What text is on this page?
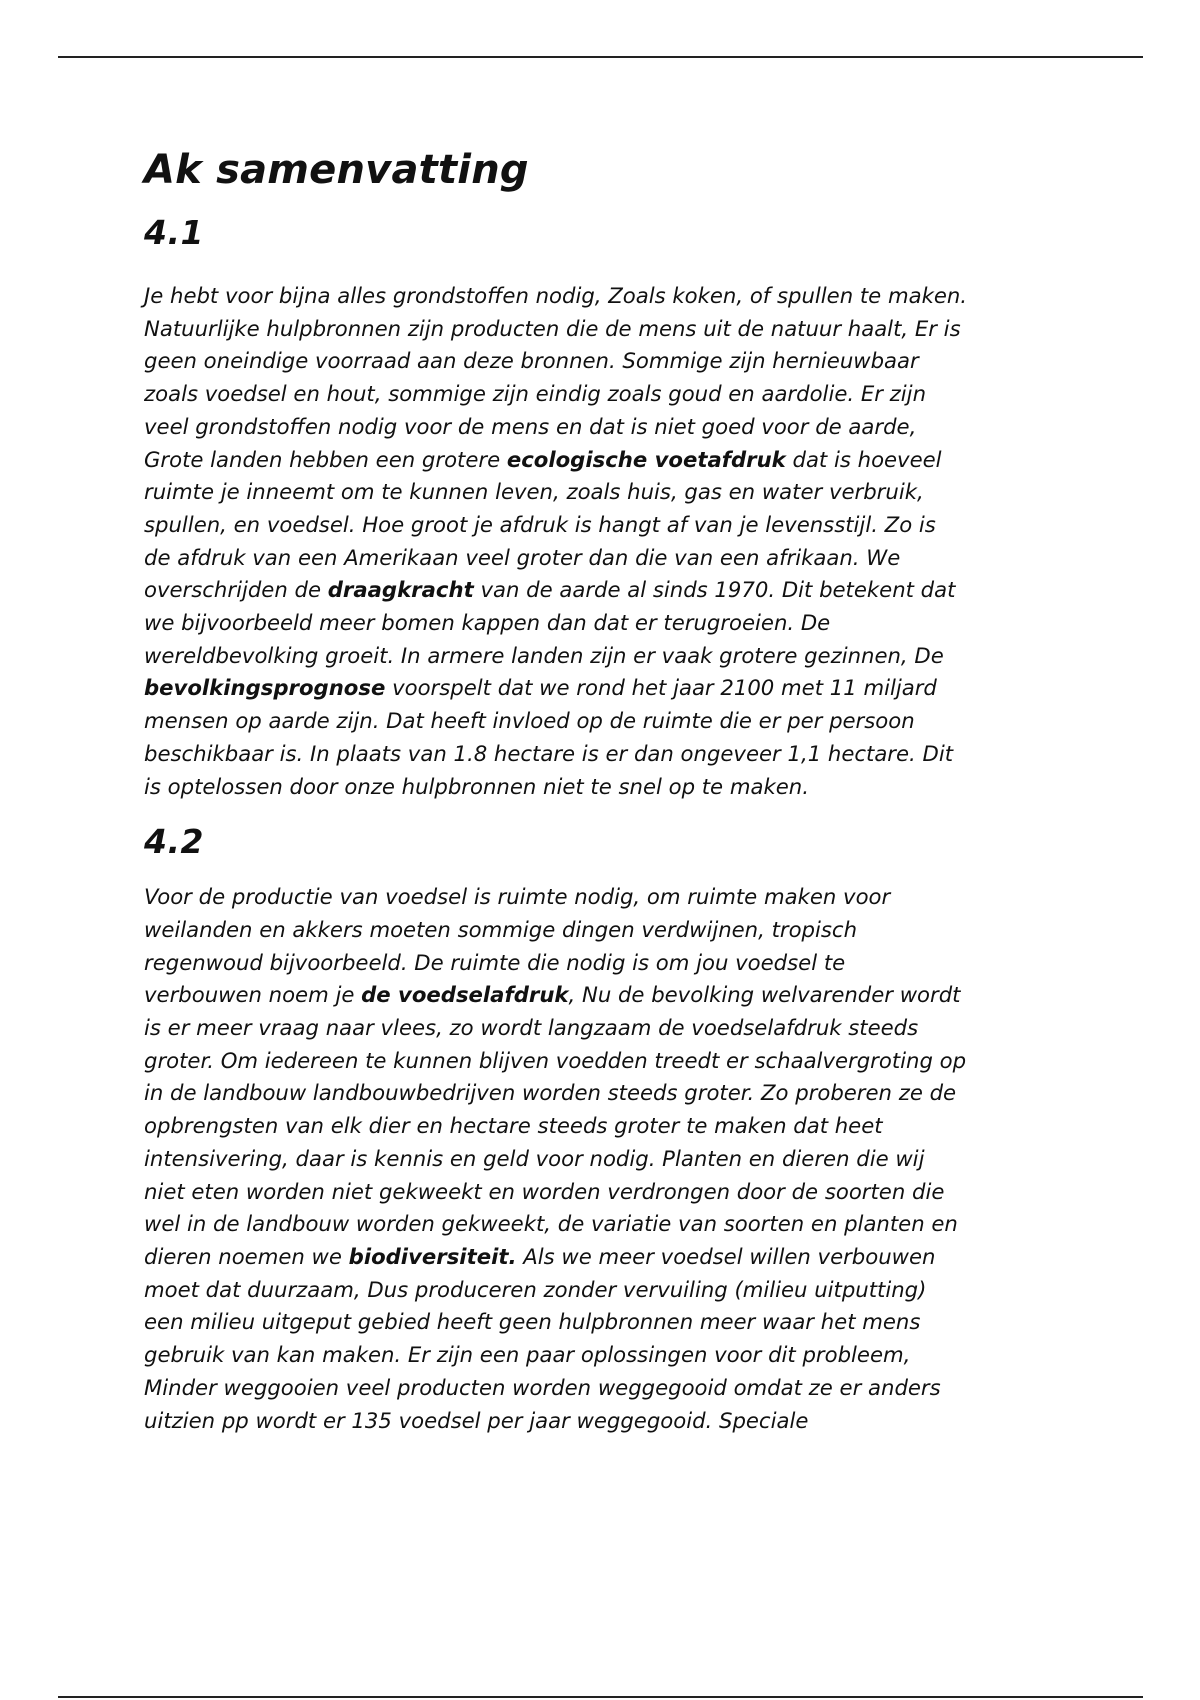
Ak samenvatting
4.1

Je hebt voor bijna alles grondstoffen nodig, Zoals koken, of spullen te maken.
Natuurlijke hulpbronnen zijn producten die de mens uit de natuur haalt, Er is
geen oneindige voorraad aan deze bronnen. Sommige zijn hernieuwbaar
zoals voedsel en hout, sommige zijn eindig zoals goud en aardolie. Er zijn
veel grondstoffen nodig voor de mens en dat is niet goed voor de aarde,
Grote landen hebben een grotere ecologische voetafdruk dat is hoeveel
ruimte je inneemt om te kunnen leven, zoals huis, gas en water verbruik,
spullen, en voedsel. Hoe groot je afdruk is hangt af van je levensstijl. Zo is
de afdruk van een Amerikaan veel groter dan die van een afrikaan. We
overschrijden de draagkracht van de aarde al sinds 1970. Dit betekent dat
we bijvoorbeeld meer bomen kappen dan dat er terugroeien. De
wereldbevolking groeit. In armere landen zijn er vaak grotere gezinnen, De
bevolkingsprognose voorspelt dat we rond het jaar 2100 met 11 miljard
mensen op aarde zijn. Dat heeft invloed op de ruimte die er per persoon
beschikbaar is. In plaats van 1.8 hectare is er dan ongeveer 1,1 hectare. Dit
is optelossen door onze hulpbronnen niet te snel op te maken.

4.2

Voor de productie van voedsel is ruimte nodig, om ruimte maken voor
weilanden en akkers moeten sommige dingen verdwijnen, tropisch
regenwoud bijvoorbeeld. De ruimte die nodig is om jou voedsel te
verbouwen noem je de voedselafdruk, Nu de bevolking welvarender wordt
is er meer vraag naar vlees, zo wordt langzaam de voedselafdruk steeds
groter. Om iedereen te kunnen blijven voedden treedt er schaalvergroting op
in de landbouw landbouwbedrijven worden steeds groter. Zo proberen ze de
opbrengsten van elk dier en hectare steeds groter te maken dat heet
intensivering, daar is kennis en geld voor nodig. Planten en dieren die wij
niet eten worden niet gekweekt en worden verdrongen door de soorten die
wel in de landbouw worden gekweekt, de variatie van soorten en planten en
dieren noemen we biodiversiteit. Als we meer voedsel willen verbouwen
moet dat duurzaam, Dus produceren zonder vervuiling (milieu uitputting)
een milieu uitgeput gebied heeft geen hulpbronnen meer waar het mens
gebruik van kan maken. Er zijn een paar oplossingen voor dit probleem,
Minder weggooien veel producten worden weggegooid omdat ze er anders
uitzien pp wordt er 135 voedsel per jaar weggegooid. Speciale
